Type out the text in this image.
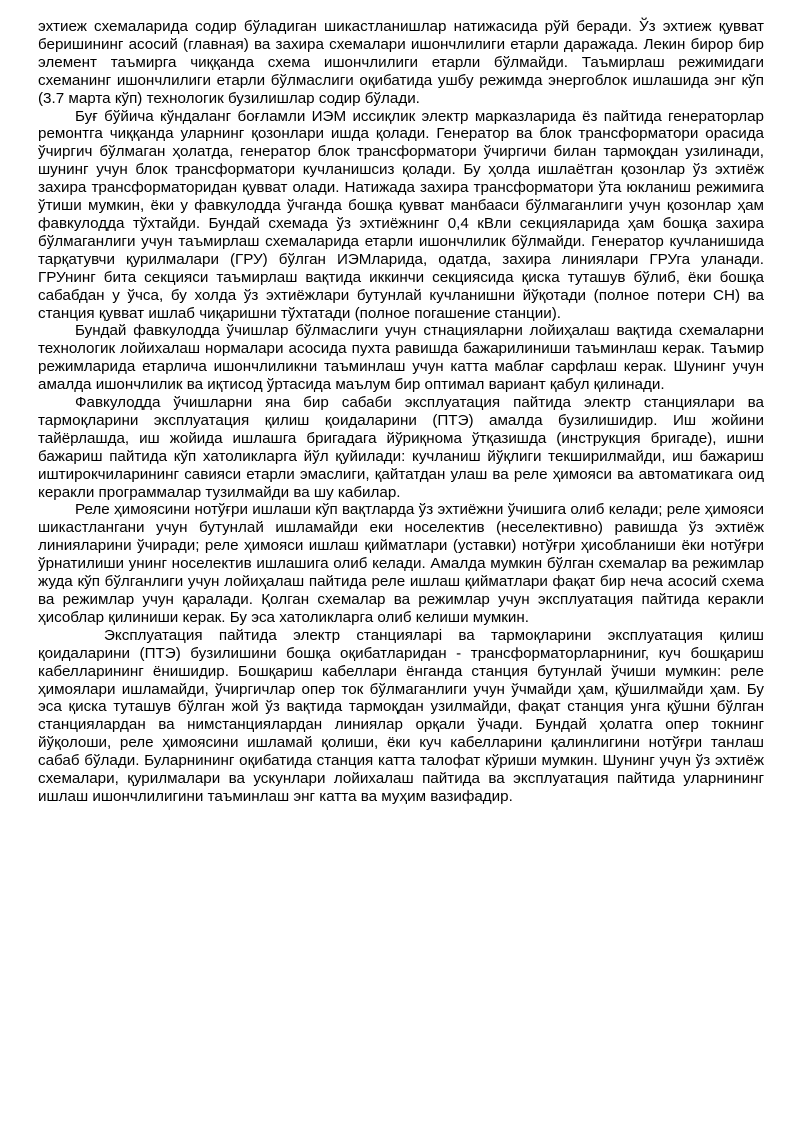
эхтиеж схемаларида содир бўладиган шикастланишлар натижасида рўй беради. Ўз эхтиеж қувват беришининг асосий (главная) ва захира схемалари ишончлилиги етарли даражада. Лекин бирор бир элемент таъмирга чиққанда схема ишончлилиги етарли бўлмайди. Таъмирлаш режимидаги схеманинг ишончлилиги етарли бўлмаслиги оқибатида ушбу режимда энергоблок ишлашида энг кўп (3.7 марта кўп) технологик бузилишлар содир бўлади.

Буғ бўйича кўндаланг боғламли ИЭМ иссиқлик электр марказларида ёз пайтида генераторлар ремонтга чиққанда уларнинг қозонлари ишда қолади. Генератор ва блок трансформатори орасида ўчиргич бўлмаган ҳолатда, генератор блок трансформатори ўчиргичи билан тармоқдан узилинади, шунинг учун блок трансформатори кучланишсиз қолади. Бу ҳолда ишлаётган қозонлар ўз эхтиёж захира трансформаторидан қувват олади. Натижада захира трансформатори ўта юкланиш режимига ўтиши мумкин, ёки у фавкулодда ўчганда бошқа қувват манбааси бўлмаганлиги учун қозонлар ҳам фавкулодда тўхтайди. Бундай схемада ўз эхтиёжнинг 0,4 кВли секцияларида ҳам бошқа захира бўлмаганлиги учун таъмирлаш схемаларида етарли ишончлилик бўлмайди. Генератор кучланишида тарқатувчи қурилмалари (ГРУ) бўлган ИЭМларида, одатда, захира линиялари ГРУга уланади. ГРУнинг бита секцияси таъмирлаш вақтида иккинчи секциясида қиска туташув бўлиб, ёки бошқа сабабдан у ўчса, бу холда ўз эхтиёжлари бутунлай кучланишни йўқотади (полное потери СН) ва станция қувват ишлаб чиқаришни тўхтатади (полное погашение станции).

Бундай фавкулодда ўчишлар бўлмаслиги учун стнацияларни лойиҳалаш вақтида схемаларни технологик лойихалаш нормалари асосида пухта равишда бажарилиниши таъминлаш керак. Таъмир режимларида етарлича ишончлиликни таъминлаш учун катта маблағ сарфлаш керак. Шунинг учун амалда ишончлилик ва иқтисод ўртасида маълум бир оптимал вариант қабул қилинади.

Фавкулодда ўчишларни яна бир сабаби эксплуатация пайтида электр станциялари ва тармоқларини эксплуатация қилиш қоидаларини (ПТЭ) амалда бузилишидир. Иш жойини тайёрлашда, иш жойида ишлашга бригадага йўриқнома ўтқазишда (инструкция бригаде), ишни бажариш пайтида кўп хатоликларга йўл қуйилади: кучланиш йўқлиги текширилмайди, иш бажариш иштирокчиларининг савияси етарли эмаслиги, қайтатдан улаш ва реле ҳимояси ва автоматикага оид керакли программалар тузилмайди ва шу кабилар.

Реле ҳимоясини нотўғри ишлаши кўп вақтларда ўз эхтиёжни ўчишига олиб келади; реле ҳимояси шикастлангани учун бутунлай ишламайди еки носелектив (неселективно) равишда ўз эхтиёж линияларини ўчиради; реле ҳимояси ишлаш қийматлари (уставки) нотўғри ҳисобланиши ёки нотўғри ўрнатилиши унинг носелектив ишлашига олиб келади. Амалда мумкин бўлган схемалар ва режимлар жуда кўп бўлганлиги учун лойиҳалаш пайтида реле ишлаш қийматлари фақат бир неча асосий схема ва режимлар учун қаралади. Қолган схемалар ва режимлар учун эксплуатация пайтида керакли ҳисоблар қилиниши керак. Бу эса хатоликларга олиб келиши мумкин.

Эксплуатация пайтида электр станцияларi ва тармоқларини эксплуатация қилиш қоидаларини (ПТЭ) бузилишини бошқа оқибатларидан - трансформаторларниниг, куч бошқариш кабелларининг ёнишидир. Бошқариш кабеллари ёнганда станция бутунлай ўчиши мумкин: реле ҳимоялари ишламайди, ўчиргичлар опер ток бўлмаганлиги учун ўчмайди ҳам, қўшилмайди ҳам. Бу эса қиска туташув бўлган жой ўз вақтида тармоқдан узилмайди, фақат станция унга қўшни бўлган станциялардан ва нимстанциялардан линиялар орқали ўчади. Бундай ҳолатга опер токнинг йўқолоши, реле ҳимоясини ишламай қолиши, ёки куч кабелларини қалинлигини нотўғри танлаш сабаб бўлади. Буларнининг оқибатида станция катта талофат кўриши мумкин. Шунинг учун ўз эхтиёж схемалари, қурилмалари ва ускунлари лойихалаш пайтида ва эксплуатация пайтида уларнининг ишлаш ишончлилигини таъминлаш энг катта ва муҳим вазифадир.
